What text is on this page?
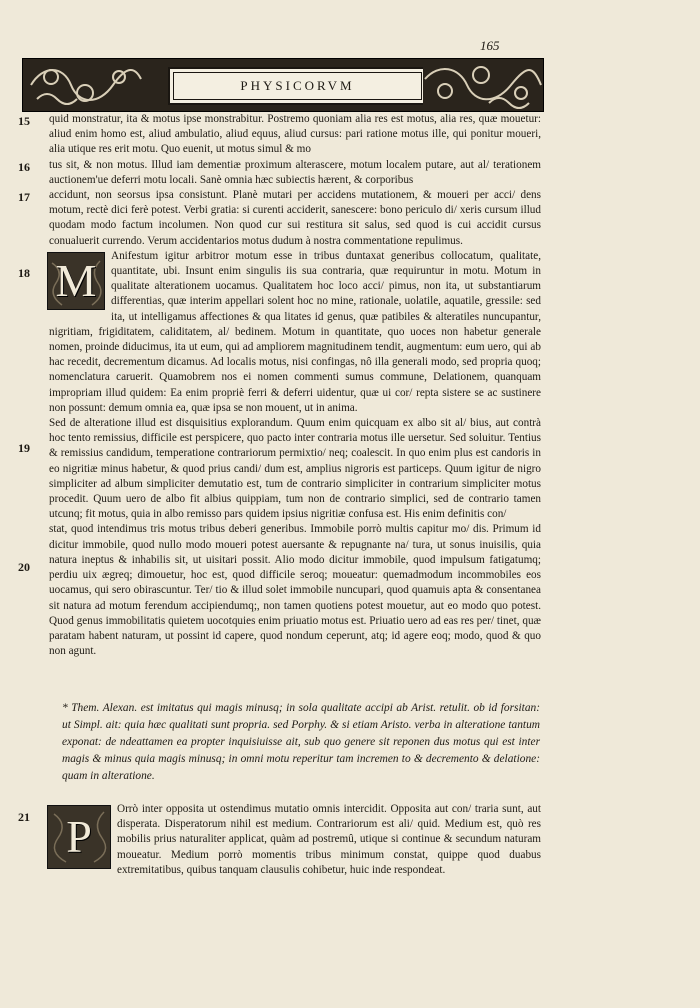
165
PHYSICORVM
15
16
17
18
19
20

quid monstratur, ita & motus ipse monstrabitur. Postremo quoniam alia res est motus, alia res, quæ mouetur: aliud enim homo est, aliud ambulatio, aliud equus, aliud cursus: pari ratione motus ille, qui ponitur moueri, alia utique res erit motu. Quo euenit, ut motus simul & mo

tus sit, & non motus. Illud iam dementiæ proximum alterascere, motum localem putare, aut al/ terationem auctionem'ue deferri motu locali. Sanè omnia hæc subiectis hærent, & corporibus

accidunt, non seorsus ipsa consistunt. Planè mutari per accidens mutationem, & moueri per acci/ dens motum, rectè dici ferè potest. Verbi gratia: si curenti acciderit, sanescere: bono periculo di/ xeris cursum illud quodam modo factum incolumen. Non quod cur sui restitura sit salus, sed quod is cui accidit cursus conualuerit currendo. Verum accidentarios motus dudum à nostra commentatione repulimus.

M Anifestum igitur arbitror motum esse in tribus duntaxat generibus collocatum, qualitate, quantitate, ubi. Insunt enim singulis iis sua contraria, quæ requiruntur in motu. Motum in qualitate alterationem uocamus. Qualitatem hoc loco acci/ pimus, non ita, ut substantiarum differentias, quæ interim appellari solent hoc no mine, rationale, uolatile, aquatile, gressile: sed ita, ut intelligamus affectiones & qua litates id genus, quæ patibiles & alteratiles nuncupantur, nigritiam, frigiditatem, caliditatem, al/ bedinem. Motum in quantitate, quo uoces non habetur generale nomen, proinde diducimus, ita ut eum, qui ad ampliorem magnitudinem tendit, augmentum: eum uero, qui ab hac recedit, decrementum dicamus. Ad localis motus, nisi confingas, nô illa generali modo, sed propria quoq; nomenclatura caruerit. Quamobrem nos ei nomen commenti sumus commune, Delationem, quanquam impropriam illud quidem: Ea enim propriè ferri & deferri uidentur, quæ ui cor/ repta sistere se ac sustinere non possunt: demum omnia ea, quæ ipsa se non mouent, ut in anima.

Sed de alteratione illud est disquisitius explorandum. Quum enim quicquam ex albo sit al/ bius, aut contrà hoc tento remissius, difficile est perspicere, quo pacto inter contraria motus ille uersetur. Sed soluitur. Tentius & remissius candidum, temperatione contrariorum permixtio/ neq; coalescit. In quo enim plus est candoris in eo nigritiæ minus habetur, & quod prius candi/ dum est, amplius nigroris est particeps. Quum igitur de nigro simpliciter ad album simpliciter demutatio est, tum de contrario simpliciter in contrarium simpliciter motus procedit. Quum uero de albo fit albius quippiam, tum non de contrario simplici, sed de contrario tamen utcunq; fit motus, quia in albo remisso pars quidem ipsius nigritiæ confusa est. His enim definitis con/

stat, quod intendimus tris motus tribus deberi generibus. Immobile porrò multis capitur mo/ dis. Primum id dicitur immobile, quod nullo modo moueri potest auersante & repugnante na/ tura, ut sonus inuisilis, quia natura ineptus & inhabilis sit, ut uisitari possit. Alio modo dicitur immobile, quod impulsum fatigatumq; perdiu uix ægreq; dimouetur, hoc est, quod difficile seroq; moueatur: quemadmodum incommobiles eos uocamus, qui sero obirascuntur. Ter/ tio & illud solet immobile nuncupari, quod quamuis apta & consentanea sit natura ad motum ferendum accipiendumq;, non tamen quotiens potest mouetur, aut eo modo quo potest. Quod genus immobilitatis quietem uocotquies enim priuatio motus est. Priuatio uero ad eas res per/ tinet, quæ paratam habent naturam, ut possint id capere, quod nondum ceperunt, atq; id agere eoq; modo, quod & quo non agunt.

* Them. Alexan. est imitatus qui magis minusq; in sola qualitate accipi ab Arist. retulit. ob id forsitan: ut Simpl. ait: quia hæc qualitati sunt propria. sed Porphy. & si etiam Aristo. verba in alteratione tantum exponat: de ndeattamen ea propter inquisiuisse ait, sub quo genere sit reponen dus motus qui est inter magis & minus quia magis minusq; in omni motu reperitur tam incremen to & decremento & delatione: quam in alteratione.
21 P
Orrò inter opposita ut ostendimus mutatio omnis intercidit. Opposita aut con/ traria sunt, aut disperata. Disperatorum nihil est medium. Contrariorum est ali/ quid. Medium est, quò res mobilis prius naturaliter applicat, quàm ad postremû, utique si continue & secundum naturam moueatur. Medium porrò momentis tribus minimum constat, quippe quod duabus extremitatibus, quibus tanquam clausulis cohibetur, huic inde respondeat.
